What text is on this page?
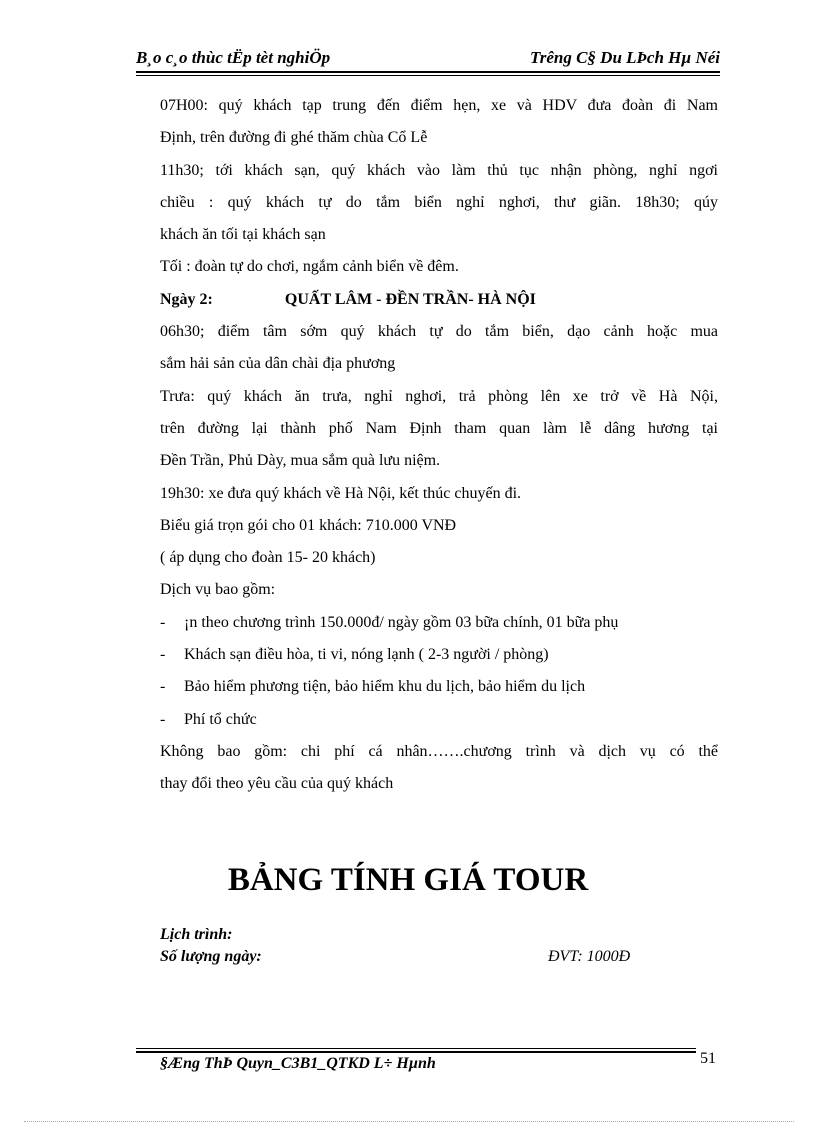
B¸o c¸o thùc tËp tèt nghiÖp	Trêng C§ Du LÞch Hµ Néi
07H00: quý khách tạp trung đến điểm hẹn, xe và HDV đưa đoàn đi Nam
Định, trên đường đi ghé thăm chùa Cổ Lễ
11h30; tới khách sạn, quý khách vào làm thủ tục nhận phòng, nghỉ ngơi
chiều : quý khách tự do tắm biển nghỉ nghơi, thư giãn. 18h30; qúy
khách ăn tối tại khách sạn
Tối : đoàn tự do chơi, ngắm cảnh biển về đêm.
Ngày 2:	QUẤT LÂM - ĐỀN TRẦN- HÀ NỘI
06h30; điểm tâm sớm quý khách tự do tắm biển, dạo cảnh hoặc mua
sắm hải sản của dân chài địa phương
Trưa: quý khách ăn trưa, nghỉ nghơi, trả phòng lên xe trở về Hà Nội,
trên đường lại thành phố Nam Định tham quan làm lễ dâng hương tại
Đền Trần, Phủ Dày, mua sắm quà lưu niệm.
19h30: xe đưa quý khách về Hà Nội, kết thúc chuyến đi.
Biểu giá trọn gói cho 01 khách: 710.000 VNĐ
( áp dụng cho đoàn 15- 20 khách)
Dịch vụ bao gồm:
-	¡n theo chương trình 150.000đ/ ngày gồm 03 bữa chính, 01 bữa phụ
-	Khách sạn điều hòa, ti vi, nóng lạnh ( 2-3 người / phòng)
-	Bảo hiểm phương tiện, bảo hiểm khu du lịch, bảo hiểm du lịch
-	Phí tổ chức
Không bao gồm: chi phí cá nhân…….chương trình và dịch vụ có thể
thay đổi theo yêu cầu của quý khách
BẢNG TÍNH GIÁ TOUR
Lịch trình:
Số lượng ngày:	ĐVT: 1000Đ
§Æng ThÞ Quyn_C3B1_QTKD L÷ Hµnh	51
